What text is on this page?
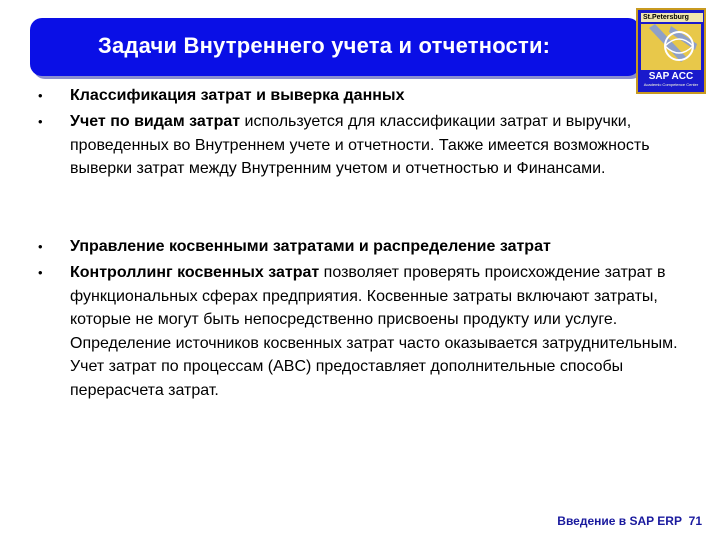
Задачи Внутреннего учета и отчетности:
St.Petersburg
SAP ACC
Academic Competence Center
• Классификация затрат и выверка данных
• Учет по видам затрат используется для классификации затрат и выручки, проведенных во Внутреннем учете и отчетности. Также имеется возможность выверки затрат между Внутренним учетом и отчетностью и Финансами.
• Управление косвенными затратами и распределение затрат
• Контроллинг косвенных затрат позволяет проверять происхождение затрат в функциональных сферах предприятия. Косвенные затраты включают затраты, которые не могут быть непосредственно присвоены продукту или услуге. Определение источников косвенных затрат часто оказывается затруднительным. Учет затрат по процессам (ABC) предоставляет дополнительные способы перерасчета затрат.
Введение в SAP ERP 71
